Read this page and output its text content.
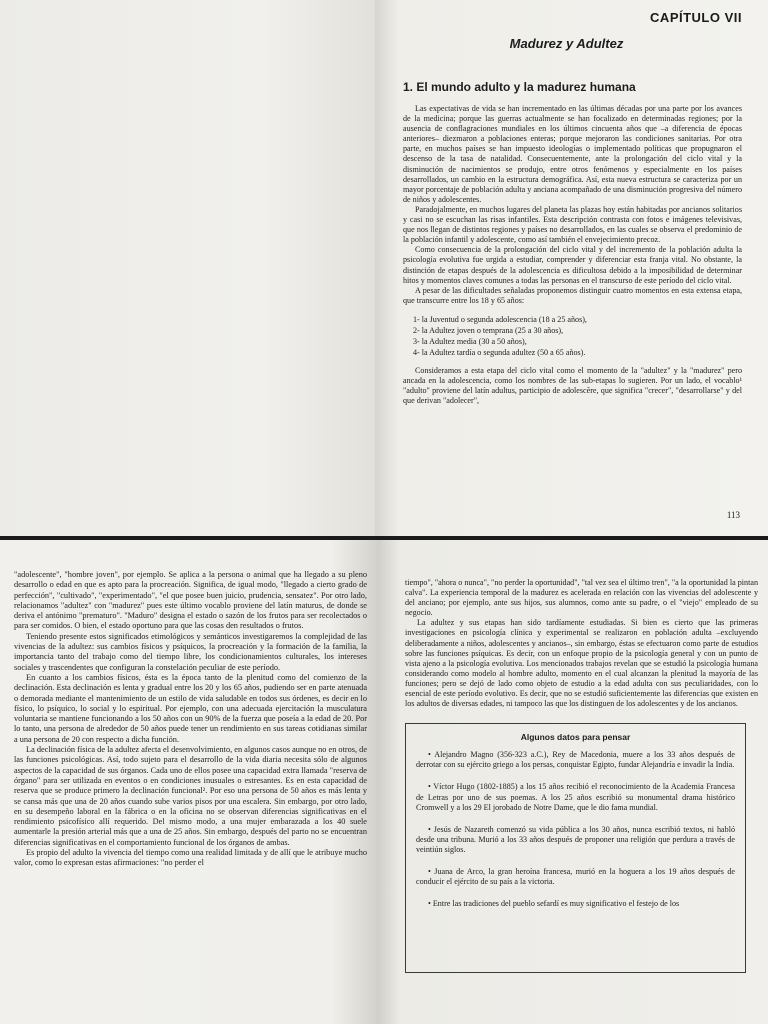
CAPÍTULO VII
Madurez y Adultez
1. El mundo adulto y la madurez humana

Las expectativas de vida se han incrementado en las últimas décadas por una parte por los avances de la medicina; porque las guerras actualmente se han focalizado en determinadas regiones; por la ausencia de conflagraciones mundiales en los últimos cincuenta años que –a diferencia de épocas anteriores– diezmaron a poblaciones enteras; porque mejoraron las condiciones sanitarias. Por otra parte, en muchos países se han impuesto ideologías o implementado políticas que propugnaron el descenso de la tasa de natalidad. Consecuentemente, ante la prolongación del ciclo vital y la disminución de nacimientos se produjo, entre otros fenómenos y especialmente en los países desarrollados, un cambio en la estructura demográfica. Así, esta nueva estructura se caracteriza por un mayor porcentaje de población adulta y anciana acompañado de una disminución progresiva del número de niños y adolescentes.

Paradojalmente, en muchos lugares del planeta las plazas hoy están habitadas por ancianos solitarios y casi no se escuchan las risas infantiles. Esta descripción contrasta con fotos e imágenes televisivas, que nos llegan de distintos regiones y países no desarrollados, en las cuales se observa el predominio de la población infantil y adolescente, como así también el envejecimiento precoz.

Como consecuencia de la prolongación del ciclo vital y del incremento de la población adulta la psicología evolutiva fue urgida a estudiar, comprender y diferenciar esta franja vital. No obstante, la distinción de etapas después de la adolescencia es dificultosa debido a la imposibilidad de determinar hitos y momentos claves comunes a todas las personas en el transcurso de este período del ciclo vital.

A pesar de las dificultades señaladas proponemos distinguir cuatro momentos en esta extensa etapa, que transcurre entre los 18 y 65 años:

1- la Juventud o segunda adolescencia (18 a 25 años),
2- la Adultez joven o temprana (25 a 30 años),
3- la Adultez media (30 a 50 años),
4- la Adultez tardía o segunda adultez (50 a 65 años).

Consideramos a esta etapa del ciclo vital como el momento de la "adultez" y la "madurez" pero ancada en la adolescencia, como los nombres de las sub-etapas lo sugieren. Por un lado, el vocablo¹ "adulto" proviene del latín adultus, participio de adolescĕre, que significa "crecer", "desarrollarse" y del que derivan "adolecer",

113

"adolescente", "hombre joven", por ejemplo. Se aplica a la persona o animal que ha llegado a su pleno desarrollo o edad en que es apto para la procreación. Significa, de igual modo, "llegado a cierto grado de perfección", "cultivado", "experimentado", "el que posee buen juicio, prudencia, sensatez". Por otro lado, relacionamos "adultez" con "madurez" pues este último vocablo proviene del latín maturus, de donde se deriva el antónimo "prematuro". "Maduro" designa el estado o sazón de los frutos para ser recolectados o para ser comidos. O bien, el estado oportuno para que las cosas den resultados o frutos.

Teniendo presente estos significados etimológicos y semánticos investigaremos la complejidad de las vivencias de la adultez: sus cambios físicos y psíquicos, la procreación y la formación de la familia, la importancia tanto del trabajo como del tiempo libre, los condicionamientos culturales, los intereses sociales y trascendentes que configuran la constelación peculiar de este período.

En cuanto a los cambios físicos, ésta es la época tanto de la plenitud como del comienzo de la declinación. Esta declinación es lenta y gradual entre los 20 y los 65 años, pudiendo ser en parte atenuada o demorada mediante el mantenimiento de un estilo de vida saludable en todos sus órdenes, es decir en lo físico, lo psíquico, lo social y lo espiritual. Por ejemplo, con una adecuada ejercitación la musculatura voluntaria se mantiene funcionando a los 50 años con un 90% de la fuerza que poseía a la edad de 20. Por lo tanto, una persona de alrededor de 50 años puede tener un rendimiento en sus tareas cotidianas similar a una persona de 20 con respecto a dicha función.

La declinación física de la adultez afecta el desenvolvimiento, en algunos casos aunque no en otros, de las funciones psicológicas. Así, todo sujeto para el desarrollo de la vida diaria necesita sólo de algunos aspectos de la capacidad de sus órganos. Cada uno de ellos posee una capacidad extra llamada "reserva de órgano" para ser utilizada en eventos o en condiciones inusuales o estresantes. Es en esta capacidad de reserva que se produce primero la declinación funcional². Por eso una persona de 50 años es más lenta y se cansa más que una de 20 años cuando sube varios pisos por una escalera. Sin embargo, por otro lado, en su desempeño laboral en la fábrica o en la oficina no se observan diferencias significativas en el rendimiento psicofísico allí requerido. Del mismo modo, a una mujer embarazada a los 40 suele aumentarle la presión arterial más que a una de 25 años. Sin embargo, después del parto no se encuentran diferencias significativas en el comportamiento funcional de los órganos de ambas.

Es propio del adulto la vivencia del tiempo como una realidad limitada y de allí que le atribuye mucho valor, como lo expresan estas afirmaciones: "no perder el

tiempo", "ahora o nunca", "no perder la oportunidad", "tal vez sea el último tren", "a la oportunidad la pintan calva". La experiencia temporal de la madurez es acelerada en relación con las vivencias del adolescente y del anciano; por ejemplo, ante sus hijos, sus alumnos, como ante su padre, o el "viejo" empleado de su negocio.

La adultez y sus etapas han sido tardíamente estudiadas. Si bien es cierto que las primeras investigaciones en psicología clínica y experimental se realizaron en población adulta –excluyendo deliberadamente a niños, adolescentes y ancianos–, sin embargo, éstas se efectuaron como parte de estudios sobre las funciones psíquicas. Es decir, con un enfoque propio de la psicología general y con un punto de vista ajeno a la psicología evolutiva. Los mencionados trabajos revelan que se estudió la psicología humana considerando como modelo al hombre adulto, momento en el cual alcanzan la plenitud la mayoría de las funciones; pero se dejó de lado como objeto de estudio a la edad adulta con sus peculiaridades, con lo esencial de este período evolutivo. Es decir, que no se estudió suficientemente las diferencias que existen en los adultos de diversas edades, ni tampoco las que los distinguen de los adolescentes y de los ancianos.

Algunos datos para pensar

• Alejandro Magno (356-323 a.C.), Rey de Macedonia, muere a los 33 años después de derrotar con su ejército griego a los persas, conquistar Egipto, fundar Alejandría e invadir la India.

• Víctor Hugo (1802-1885) a los 15 años recibió el reconocimiento de la Academia Francesa de Letras por uno de sus poemas. A los 25 años escribió su monumental drama histórico Cromwell y a los 29 El jorobado de Notre Dame, que le dio fama mundial.

• Jesús de Nazareth comenzó su vida pública a los 30 años, nunca escribió textos, ni habló desde una tribuna. Murió a los 33 años después de proponer una religión que perdura a través de veintiún siglos.

• Juana de Arco, la gran heroína francesa, murió en la hoguera a los 19 años después de conducir el ejército de su país a la victoria.

• Entre las tradiciones del pueblo sefardí es muy significativo el festejo de los
